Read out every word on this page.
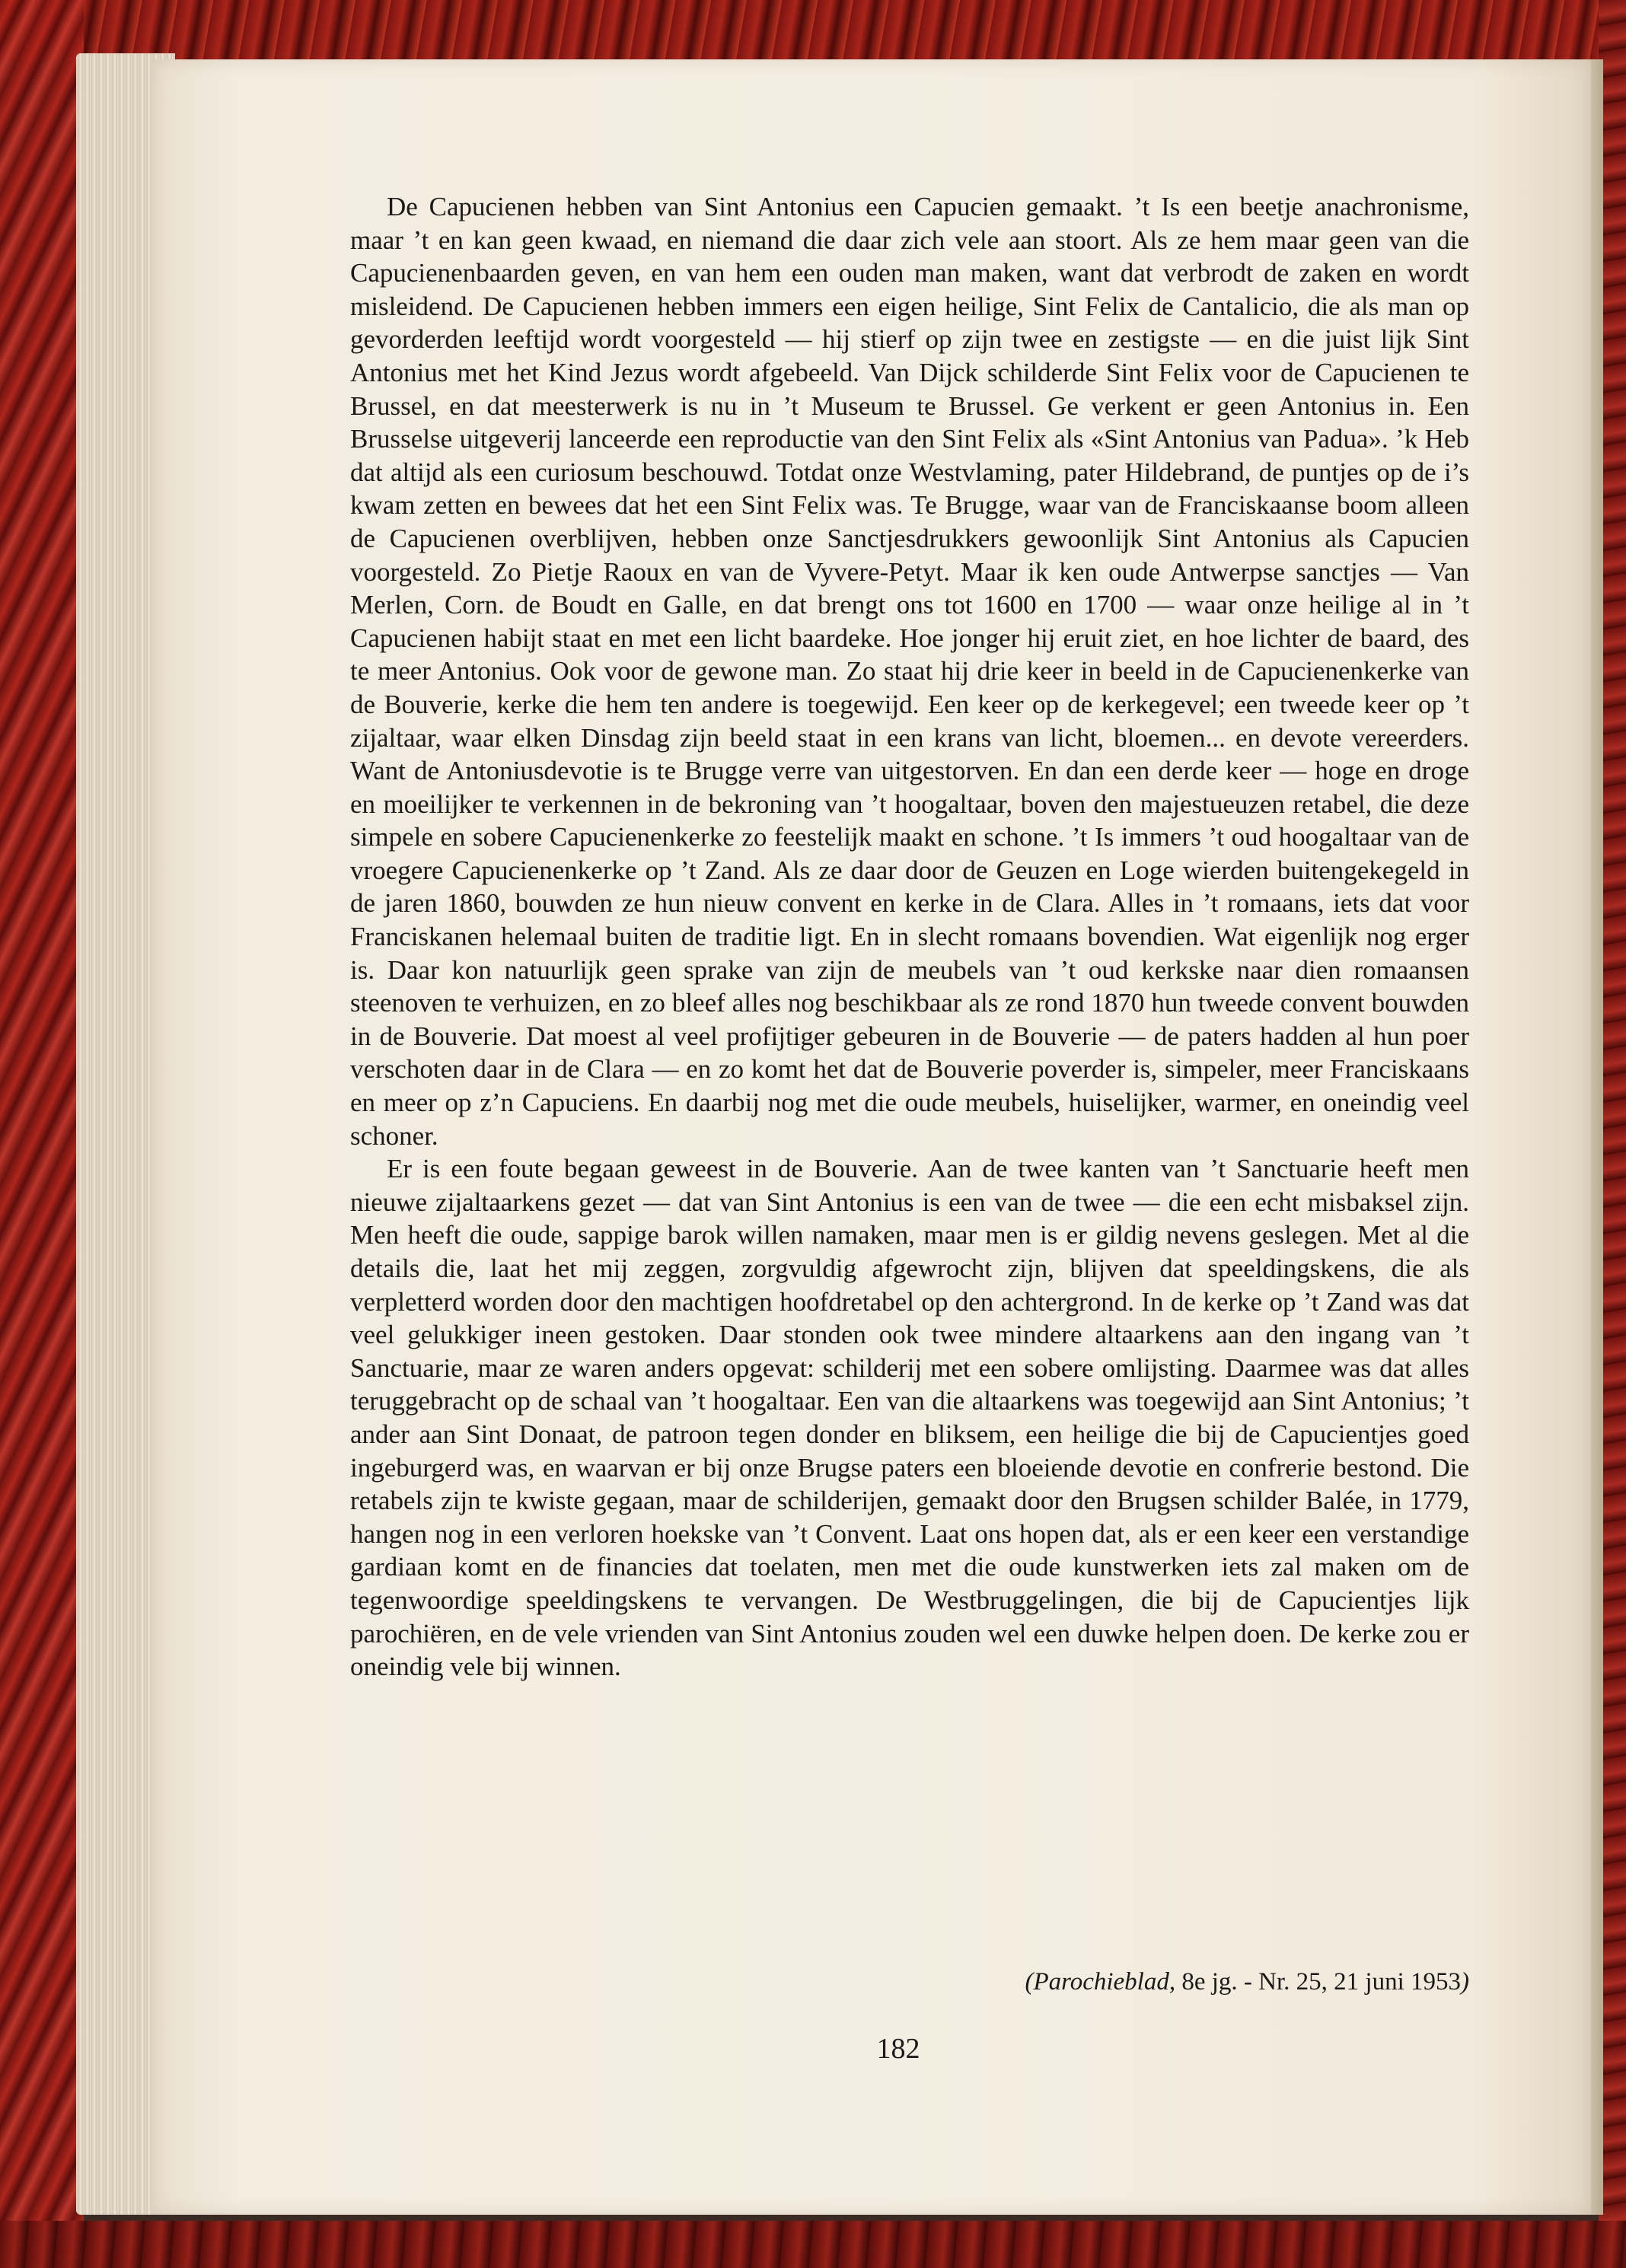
De Capucienen hebben van Sint Antonius een Capucien gemaakt. ’t Is een beetje anachronisme, maar ’t en kan geen kwaad, en niemand die daar zich vele aan stoort. Als ze hem maar geen van die Capucienenbaarden geven, en van hem een ouden man maken, want dat verbrodt de zaken en wordt misleidend. De Capucienen hebben immers een eigen heilige, Sint Felix de Cantalicio, die als man op gevorderden leeftijd wordt voorgesteld — hij stierf op zijn twee en zestigste — en die juist lijk Sint Antonius met het Kind Jezus wordt afgebeeld. Van Dijck schilderde Sint Felix voor de Capucienen te Brussel, en dat meesterwerk is nu in ’t Museum te Brussel. Ge verkent er geen Antonius in. Een Brusselse uitgeverij lanceerde een reproductie van den Sint Felix als «Sint Antonius van Padua». ’k Heb dat altijd als een curiosum beschouwd. Totdat onze Westvlaming, pater Hildebrand, de puntjes op de i’s kwam zetten en bewees dat het een Sint Felix was. Te Brugge, waar van de Franciskaanse boom alleen de Capucienen overblijven, hebben onze Sanctjesdrukkers gewoonlijk Sint Antonius als Capucien voorgesteld. Zo Pietje Raoux en van de Vyvere-Petyt. Maar ik ken oude Antwerpse sanctjes — Van Merlen, Corn. de Boudt en Galle, en dat brengt ons tot 1600 en 1700 — waar onze heilige al in ’t Capucienen habijt staat en met een licht baardeke. Hoe jonger hij eruit ziet, en hoe lichter de baard, des te meer Antonius. Ook voor de gewone man. Zo staat hij drie keer in beeld in de Capucienenkerke van de Bouverie, kerke die hem ten andere is toegewijd. Een keer op de kerkegevel; een tweede keer op ’t zijaltaar, waar elken Dinsdag zijn beeld staat in een krans van licht, bloemen... en devote vereerders. Want de Antoniusdevotie is te Brugge verre van uitgestorven. En dan een derde keer — hoge en droge en moeilijker te verkennen in de bekroning van ’t hoogaltaar, boven den majestueuzen retabel, die deze simpele en sobere Capucienenkerke zo feestelijk maakt en schone. ’t Is immers ’t oud hoogaltaar van de vroegere Capucienenkerke op ’t Zand. Als ze daar door de Geuzen en Loge wierden buitengekegeld in de jaren 1860, bouwden ze hun nieuw convent en kerke in de Clara. Alles in ’t romaans, iets dat voor Franciskanen helemaal buiten de traditie ligt. En in slecht romaans bovendien. Wat eigenlijk nog erger is. Daar kon natuurlijk geen sprake van zijn de meubels van ’t oud kerkske naar dien romaansen steenoven te verhuizen, en zo bleef alles nog beschikbaar als ze rond 1870 hun tweede convent bouwden in de Bouverie. Dat moest al veel profijtiger gebeuren in de Bouverie — de paters hadden al hun poer verschoten daar in de Clara — en zo komt het dat de Bouverie poverder is, simpeler, meer Franciskaans en meer op z’n Capuciens. En daarbij nog met die oude meubels, huiselijker, warmer, en oneindig veel schoner.

Er is een foute begaan geweest in de Bouverie. Aan de twee kanten van ’t Sanctuarie heeft men nieuwe zijaltaarkens gezet — dat van Sint Antonius is een van de twee — die een echt misbaksel zijn. Men heeft die oude, sappige barok willen namaken, maar men is er gildig nevens geslegen. Met al die details die, laat het mij zeggen, zorgvuldig afgewrocht zijn, blijven dat speeldingskens, die als verpletterd worden door den machtigen hoofdretabel op den achtergrond. In de kerke op ’t Zand was dat veel gelukkiger ineen gestoken. Daar stonden ook twee mindere altaarkens aan den ingang van ’t Sanctuarie, maar ze waren anders opgevat: schilderij met een sobere omlijsting. Daarmee was dat alles teruggebracht op de schaal van ’t hoogaltaar. Een van die altaarkens was toegewijd aan Sint Antonius; ’t ander aan Sint Donaat, de patroon tegen donder en bliksem, een heilige die bij de Capucientjes goed ingeburgerd was, en waarvan er bij onze Brugse paters een bloeiende devotie en confrerie bestond. Die retabels zijn te kwiste gegaan, maar de schilderijen, gemaakt door den Brugsen schilder Balée, in 1779, hangen nog in een verloren hoekske van ’t Convent. Laat ons hopen dat, als er een keer een verstandige gardiaan komt en de financies dat toelaten, men met die oude kunstwerken iets zal maken om de tegenwoordige speeldingskens te vervangen. De Westbruggelingen, die bij de Capucientjes lijk parochiëren, en de vele vrienden van Sint Antonius zouden wel een duwke helpen doen. De kerke zou er oneindig vele bij winnen.

(Parochieblad, 8e jg. - Nr. 25, 21 juni 1953)
182
